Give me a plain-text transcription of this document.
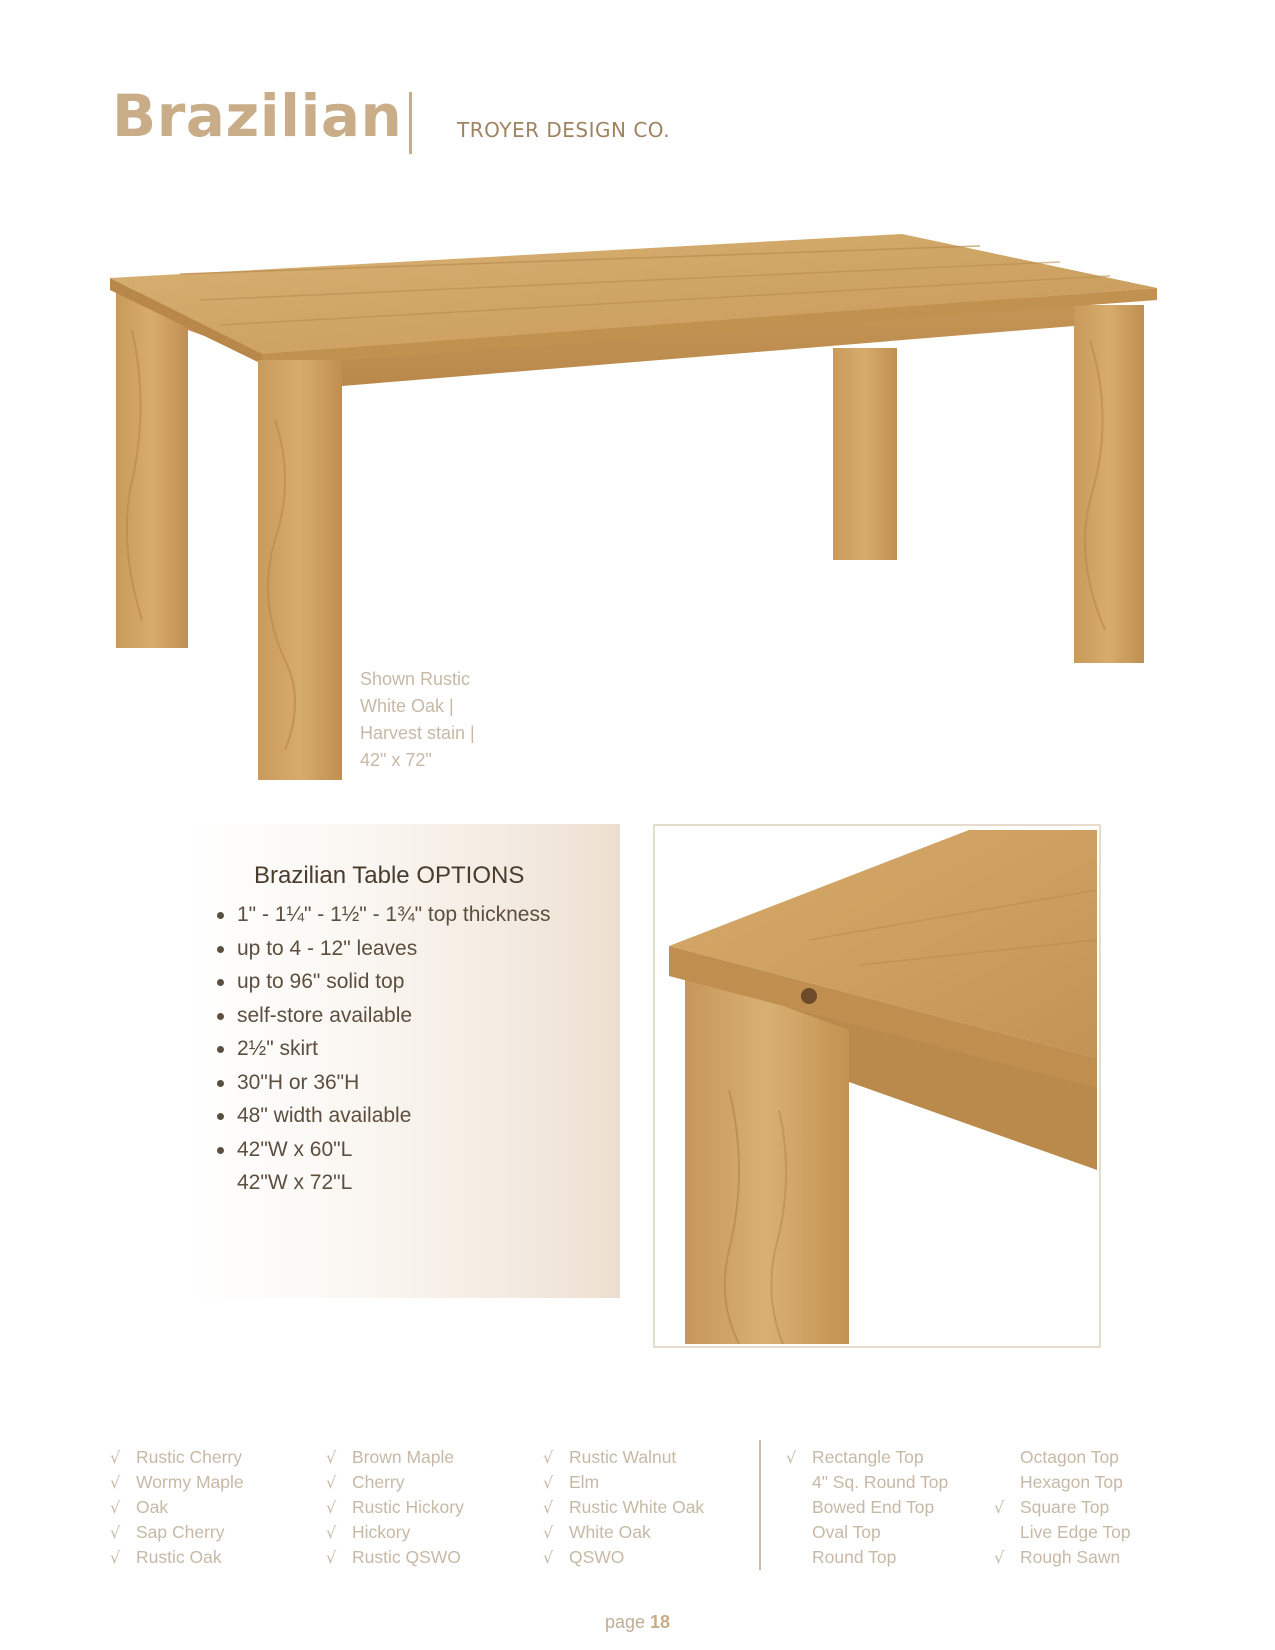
Brazilian	TROYER DESIGN CO.
Shown Rustic
White Oak |
Harvest stain |
42" x 72"
Brazilian Table OPTIONS
1" - 1¼" - 1½" - 1¾" top thickness
up to 4 - 12" leaves
up to 96" solid top
self-store available
2½" skirt
30"H or 36"H
48" width available
42"W x 60"L
42"W x 72"L
√ Rustic Cherry
√ Wormy Maple
√ Oak
√ Sap Cherry
√ Rustic Oak
√ Brown Maple
√ Cherry
√ Rustic Hickory
√ Hickory
√ Rustic QSWO
√ Rustic Walnut
√ Elm
√ Rustic White Oak
√ White Oak
√ QSWO
√ Rectangle Top
4" Sq. Round Top
Bowed End Top
Oval Top
Round Top
Octagon Top
Hexagon Top
√ Square Top
Live Edge Top
√ Rough Sawn
page 18
